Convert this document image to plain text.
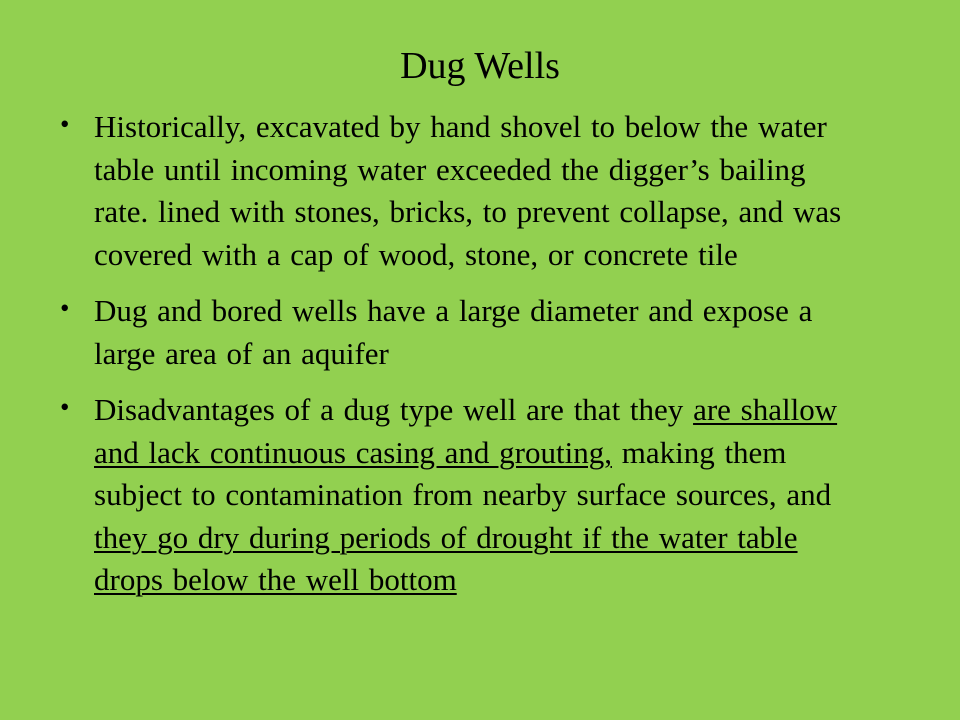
Dug Wells
• Historically, excavated by hand shovel to below the water table until incoming water exceeded the digger’s bailing rate. lined with stones, bricks, to prevent collapse, and was covered with a cap of wood, stone, or concrete tile
• Dug and bored wells have a large diameter and expose a large area of an aquifer
• Disadvantages of a dug type well are that they are shallow and lack continuous casing and grouting, making them subject to contamination from nearby surface sources, and they go dry during periods of drought if the water table drops below the well bottom
